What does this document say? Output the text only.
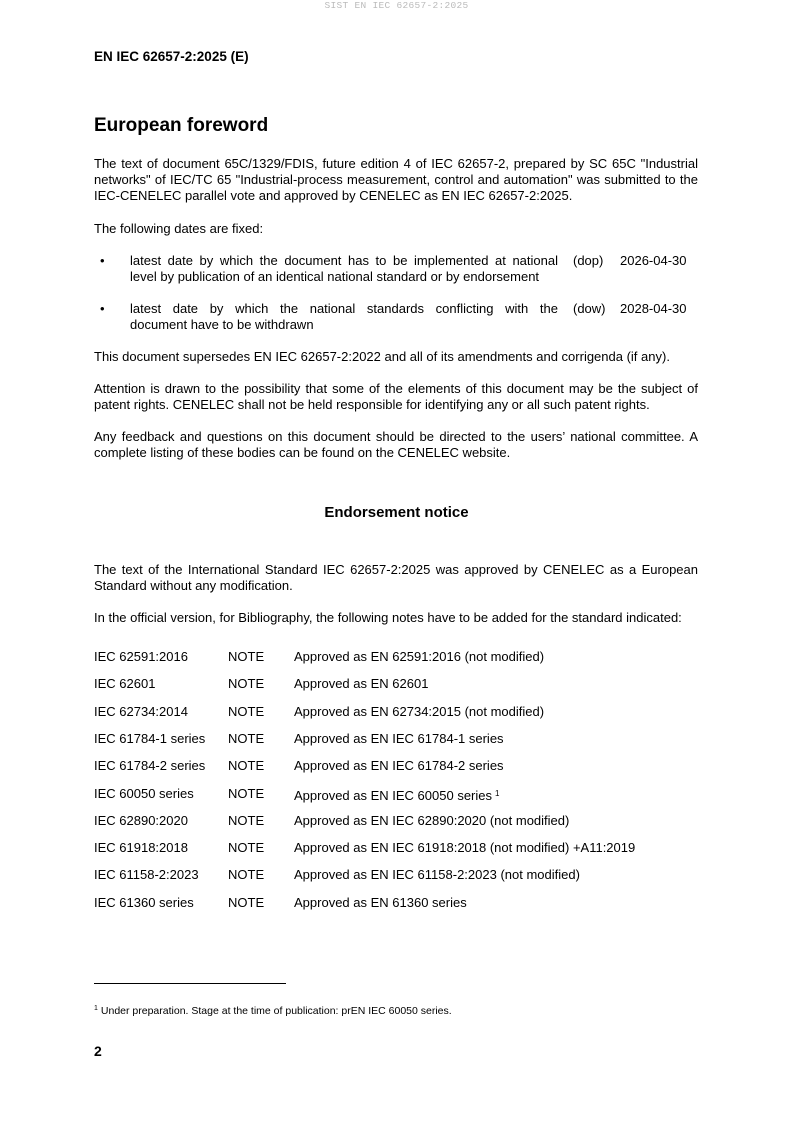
SIST EN IEC 62657-2:2025
EN IEC 62657-2:2025 (E)
European foreword
The text of document 65C/1329/FDIS, future edition 4 of IEC 62657-2, prepared by SC 65C "Industrial networks" of IEC/TC 65 "Industrial-process measurement, control and automation" was submitted to the IEC-CENELEC parallel vote and approved by CENELEC as EN IEC 62657-2:2025.
The following dates are fixed:
• latest date by which the document has to be implemented at national
level by publication of an identical national standard or by endorsement
(dop) 2026-04-30
• latest date by which the national standards conflicting with the
document have to be withdrawn
(dow) 2028-04-30
This document supersedes EN IEC 62657-2:2022 and all of its amendments and corrigenda (if any).
Attention is drawn to the possibility that some of the elements of this document may be the subject of patent rights. CENELEC shall not be held responsible for identifying any or all such patent rights.
Any feedback and questions on this document should be directed to the users’ national committee. A complete listing of these bodies can be found on the CENELEC website.
Endorsement notice
The text of the International Standard IEC 62657-2:2025 was approved by CENELEC as a European Standard without any modification.
In the official version, for Bibliography, the following notes have to be added for the standard indicated:
IEC 62591:2016	NOTE Approved as EN 62591:2016 (not modified)
IEC 62601	NOTE Approved as EN 62601
IEC 62734:2014	NOTE Approved as EN 62734:2015 (not modified)
IEC 61784-1 series NOTE Approved as EN IEC 61784-1 series
IEC 61784-2 series NOTE Approved as EN IEC 61784-2 series
IEC 60050 series	NOTE Approved as EN IEC 60050 series $^1$
IEC 62890:2020	NOTE Approved as EN IEC 62890:2020 (not modified)
IEC 61918:2018	NOTE Approved as EN IEC 61918:2018 (not modified) +A11:2019
IEC 61158-2:2023 NOTE Approved as EN IEC 61158-2:2023 (not modified)
IEC 61360 series	NOTE Approved as EN 61360 series
$^1$ Under preparation. Stage at the time of publication: prEN IEC 60050 series.
2
